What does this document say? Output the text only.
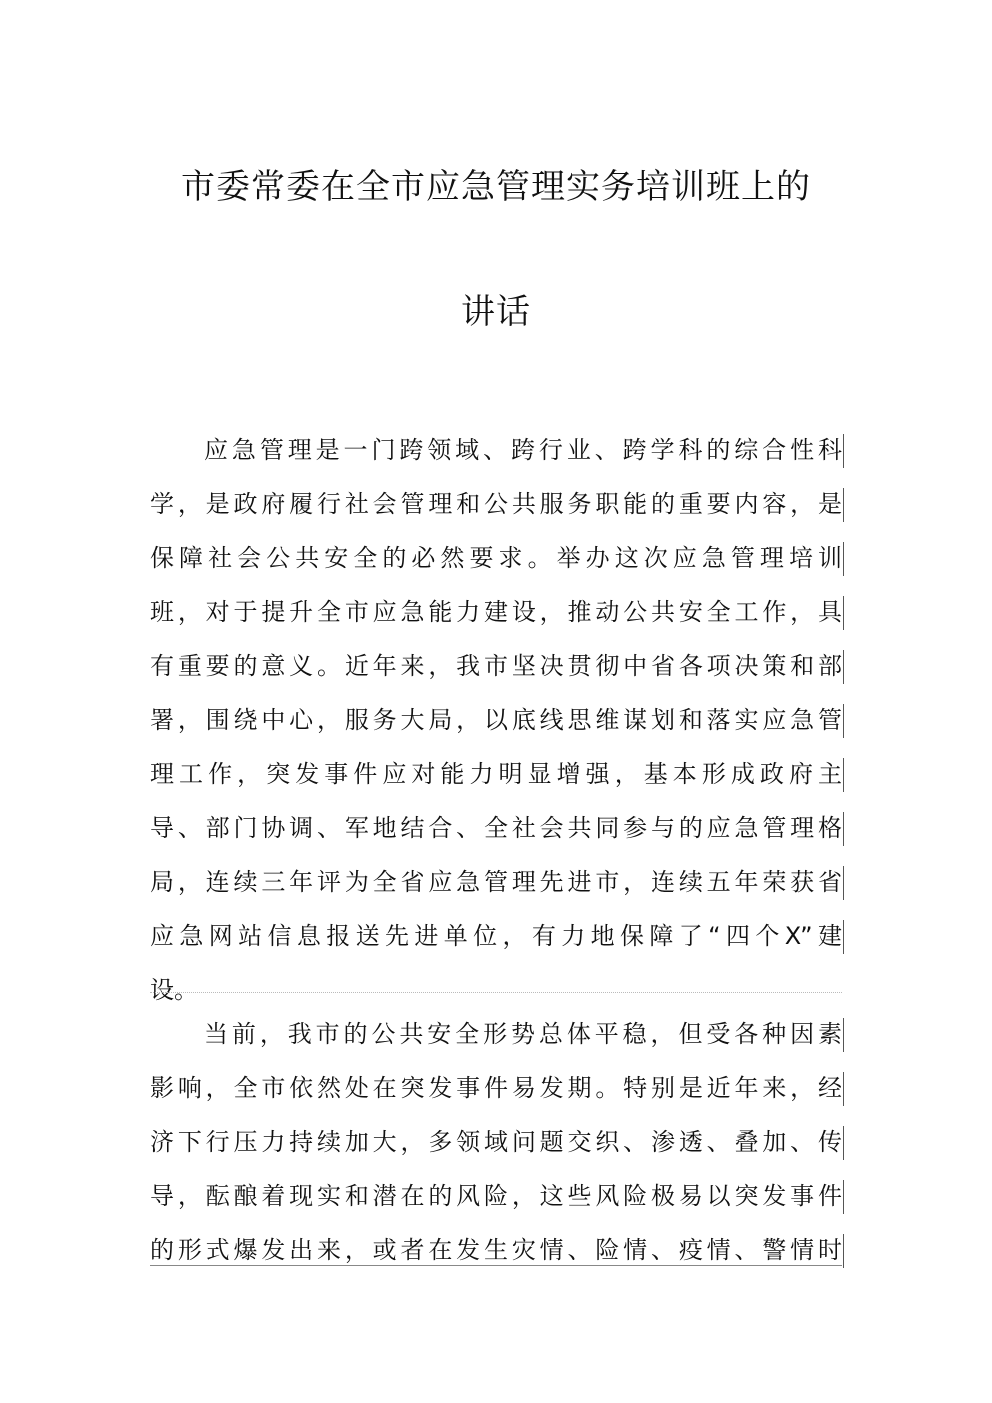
市委常委在全市应急管理实务培训班上的
讲话
应急管理是一门跨领域、跨行业、跨学科的综合性科
学，是政府履行社会管理和公共服务职能的重要内容，是
保障社会公共安全的必然要求。举办这次应急管理培训
班，对于提升全市应急能力建设，推动公共安全工作，具
有重要的意义。近年来，我市坚决贯彻中省各项决策和部
署，围绕中心，服务大局，以底线思维谋划和落实应急管
理工作，突发事件应对能力明显增强，基本形成政府主
导、部门协调、军地结合、全社会共同参与的应急管理格
局，连续三年评为全省应急管理先进市，连续五年荣获省
应急网站信息报送先进单位，有力地保障了“四个X”建
设。
当前，我市的公共安全形势总体平稳，但受各种因素
影响，全市依然处在突发事件易发期。特别是近年来，经
济下行压力持续加大，多领域问题交织、渗透、叠加、传
导，酝酿着现实和潜在的风险，这些风险极易以突发事件
的形式爆发出来，或者在发生灾情、险情、疫情、警情时
